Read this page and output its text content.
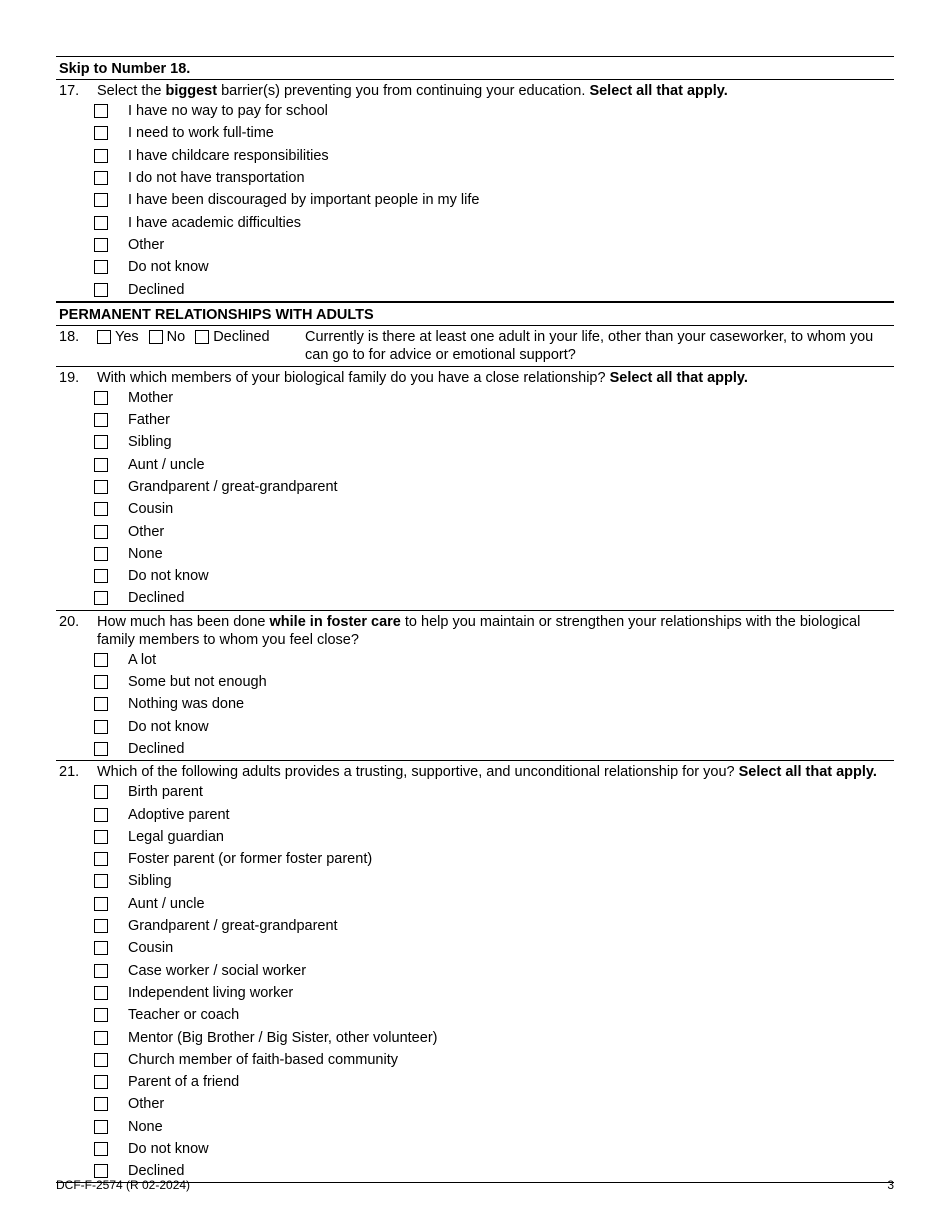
Skip to Number 18.
17.	Select the biggest barrier(s) preventing you from continuing your education. Select all that apply.
I have no way to pay for school
I need to work full-time
I have childcare responsibilities
I do not have transportation
I have been discouraged by important people in my life
I have academic difficulties
Other
Do not know
Declined
PERMANENT RELATIONSHIPS WITH ADULTS
18.	Yes No Declined Currently is there at least one adult in your life, other than your caseworker, to whom you can go to for advice or emotional support?
19.	With which members of your biological family do you have a close relationship? Select all that apply.
Mother
Father
Sibling
Aunt / uncle
Grandparent / great-grandparent
Cousin
Other
None
Do not know
Declined
20.	How much has been done while in foster care to help you maintain or strengthen your relationships with the biological family members to whom you feel close?
A lot
Some but not enough
Nothing was done
Do not know
Declined
21.	Which of the following adults provides a trusting, supportive, and unconditional relationship for you? Select all that apply.
Birth parent
Adoptive parent
Legal guardian
Foster parent (or former foster parent)
Sibling
Aunt / uncle
Grandparent / great-grandparent
Cousin
Case worker / social worker
Independent living worker
Teacher or coach
Mentor (Big Brother / Big Sister, other volunteer)
Church member of faith-based community
Parent of a friend
Other
None
Do not know
Declined
DCF-F-2574 (R 02-2024)	3
